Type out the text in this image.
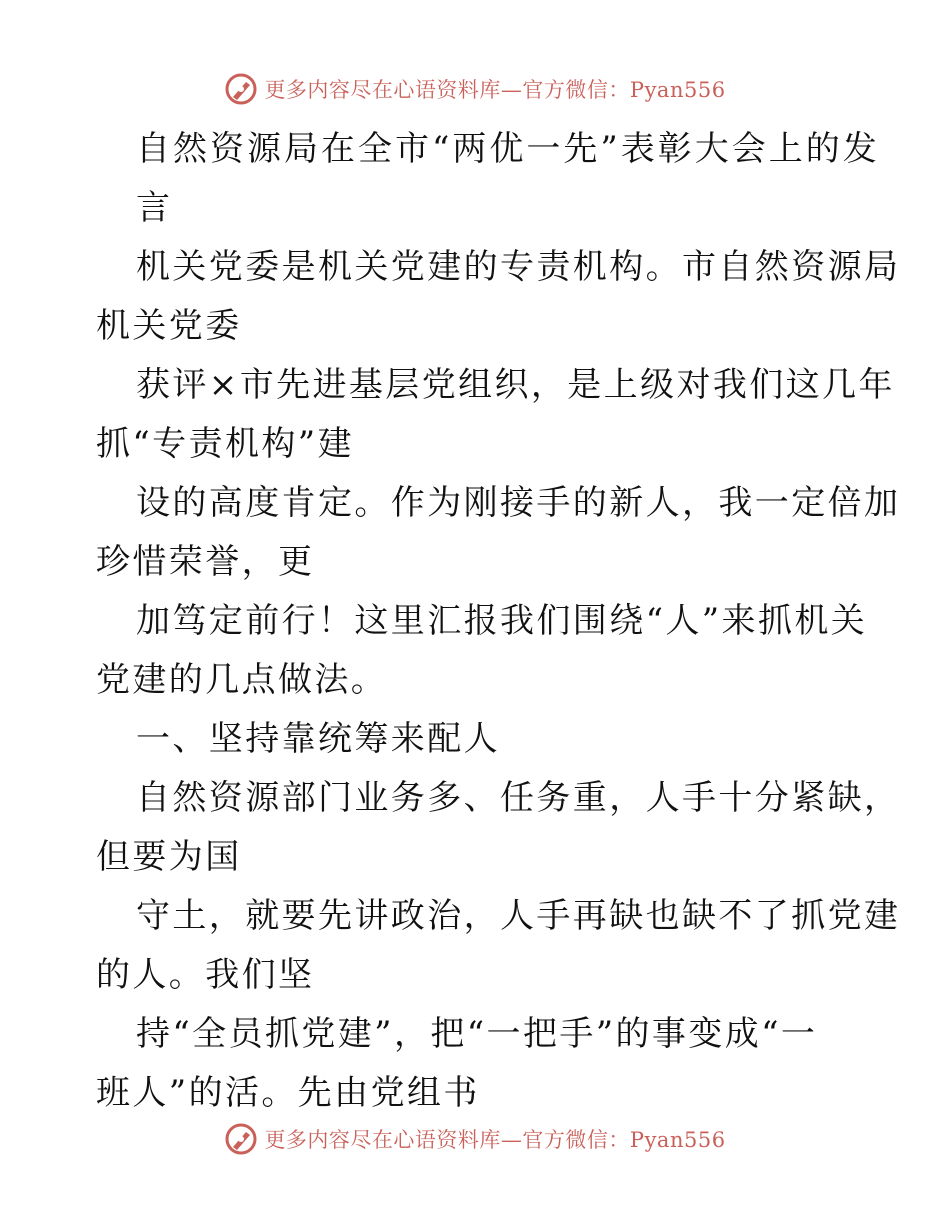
更多内容尽在心语资料库—官方微信：Pyan556
自然资源局在全市“两优一先”表彰大会上的发
言
机关党委是机关党建的专责机构。市自然资源局
机关党委
获评×市先进基层党组织，是上级对我们这几年
抓“专责机构”建
设的高度肯定。作为刚接手的新人，我一定倍加
珍惜荣誉，更
加笃定前行！这里汇报我们围绕“人”来抓机关
党建的几点做法。
一、坚持靠统筹来配人
自然资源部门业务多、任务重，人手十分紧缺，
但要为国
守土，就要先讲政治，人手再缺也缺不了抓党建
的人。我们坚
持“全员抓党建”，把“一把手”的事变成“一
班人”的活。先由党组书
更多内容尽在心语资料库—官方微信：Pyan556
